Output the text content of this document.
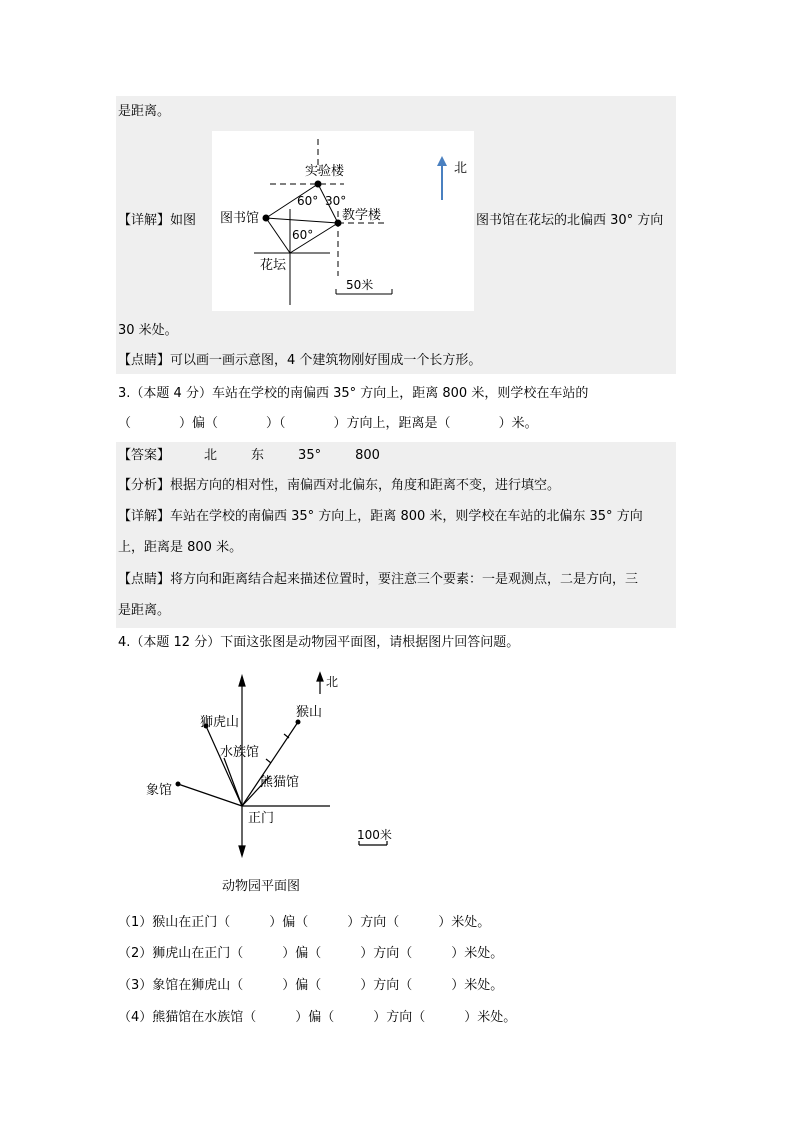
是距离。
【详解】如图	图书馆在花坛的北偏西 30° 方向
30 米处。
【点睛】可以画一画示意图，4 个建筑物刚好围成一个长方形。
实验楼
图书馆	教学楼
花坛
60° 30°
60°
50米
北
3.（本题 4 分）车站在学校的南偏西 35° 方向上，距离 800 米，则学校在车站的
（	）偏（	）（	）方向上，距离是（	）米。
【答案】	北	东	35°	800
【分析】根据方向的相对性，南偏西对北偏东，角度和距离不变，进行填空。
【详解】车站在学校的南偏西 35° 方向上，距离 800 米，则学校在车站的北偏东 35° 方向
上，距离是 800 米。
【点睛】将方向和距离结合起来描述位置时，要注意三个要素：一是观测点，二是方向，三
是距离。
4.（本题 12 分）下面这张图是动物园平面图，请根据图片回答问题。
北
猴山
狮虎山
水族馆
熊猫馆
象馆
正门
100米
动物园平面图
（1）猴山在正门（　　　）偏（　　　）方向（　　　）米处。
（2）狮虎山在正门（　　　）偏（　　　）方向（　　　）米处。
（3）象馆在狮虎山（　　　）偏（　　　）方向（　　　）米处。
（4）熊猫馆在水族馆（　　　）偏（　　　）方向（　　　）米处。
